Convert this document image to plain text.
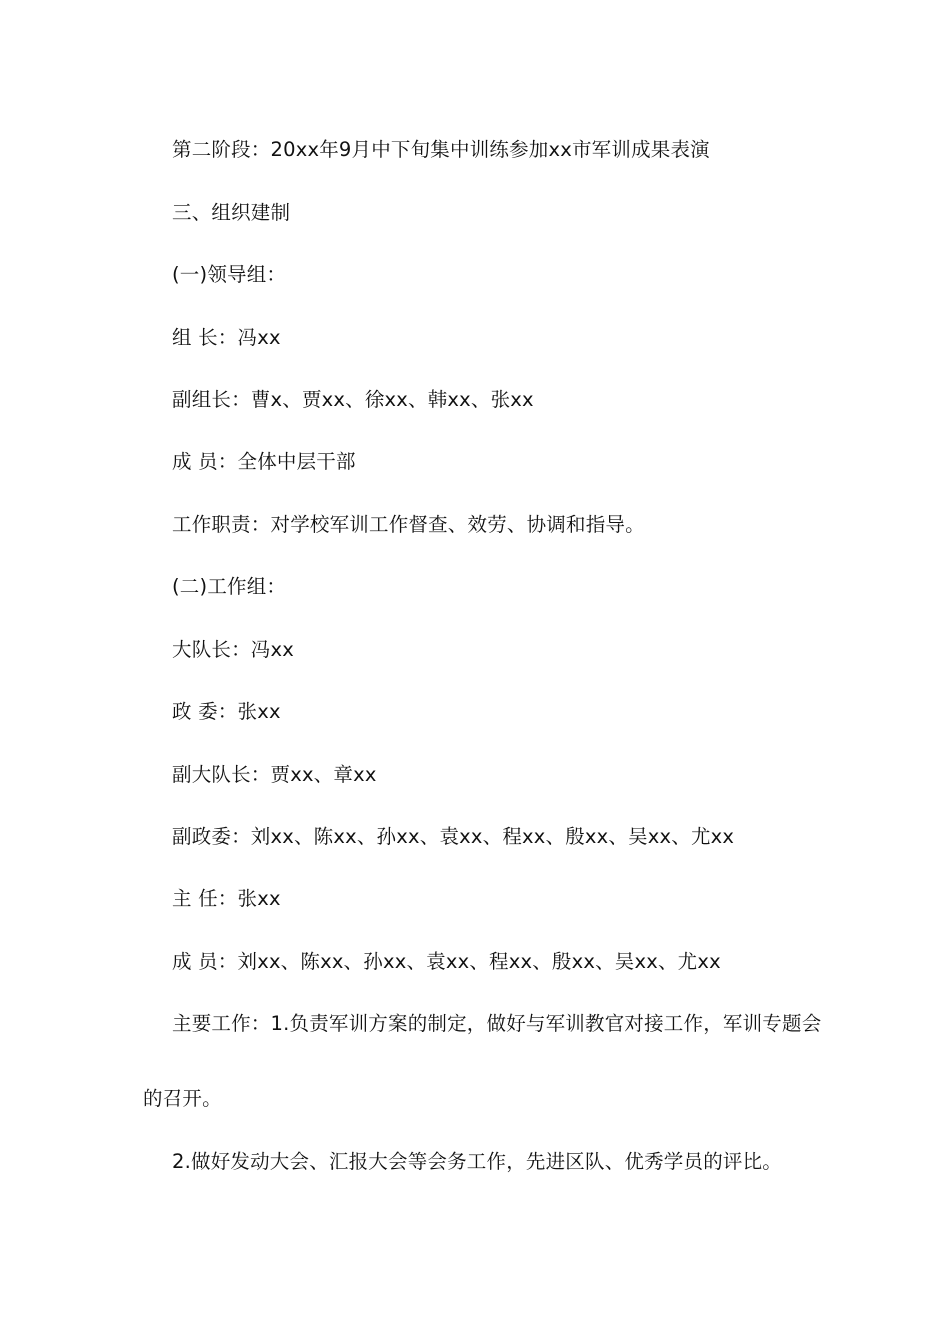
第二阶段：20xx年9月中下旬集中训练参加xx市军训成果表演
三、组织建制
(一)领导组：
组 长：冯xx
副组长：曹x、贾xx、徐xx、韩xx、张xx
成 员：全体中层干部
工作职责：对学校军训工作督查、效劳、协调和指导。
(二)工作组：
大队长：冯xx
政 委：张xx
副大队长：贾xx、章xx
副政委：刘xx、陈xx、孙xx、袁xx、程xx、殷xx、吴xx、尤xx
主 任：张xx
成 员：刘xx、陈xx、孙xx、袁xx、程xx、殷xx、吴xx、尤xx
主要工作：1.负责军训方案的制定，做好与军训教官对接工作，军训专题会
的召开。
2.做好发动大会、汇报大会等会务工作，先进区队、优秀学员的评比。
